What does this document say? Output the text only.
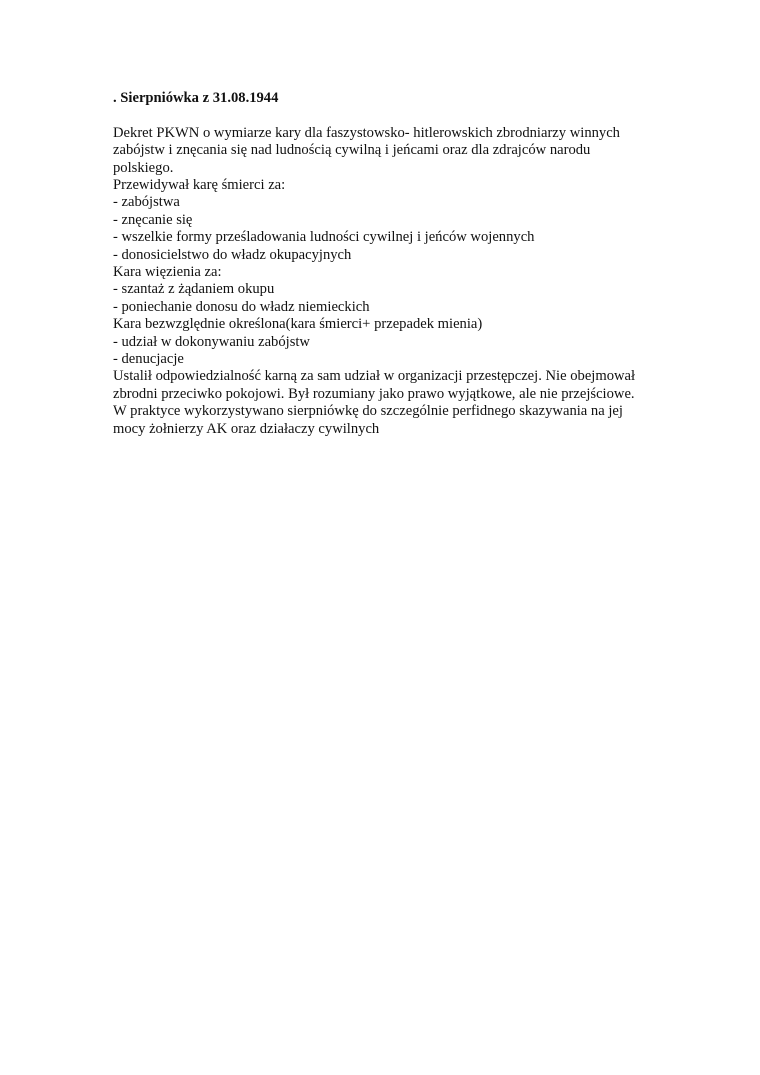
. Sierpniówka z 31.08.1944

Dekret PKWN o wymiarze kary dla faszystowsko- hitlerowskich zbrodniarzy winnych

zabójstw i znęcania się nad ludnością cywilną i jeńcami oraz dla zdrajców narodu

polskiego.

Przewidywał karę śmierci za:

- zabójstwa

- znęcanie się

- wszelkie formy prześladowania ludności cywilnej i jeńców wojennych

- donosicielstwo do władz okupacyjnych

Kara więzienia za:

- szantaż z żądaniem okupu

- poniechanie donosu do władz niemieckich

Kara bezwzględnie określona(kara śmierci+ przepadek mienia)

- udział w dokonywaniu zabójstw

- denucjacje

Ustalił odpowiedzialność karną za sam udział w organizacji przestępczej. Nie obejmował

zbrodni przeciwko pokojowi. Był rozumiany jako prawo wyjątkowe, ale nie przejściowe.

W praktyce wykorzystywano sierpniówkę do szczególnie perfidnego skazywania na jej

mocy żołnierzy AK oraz działaczy cywilnych
